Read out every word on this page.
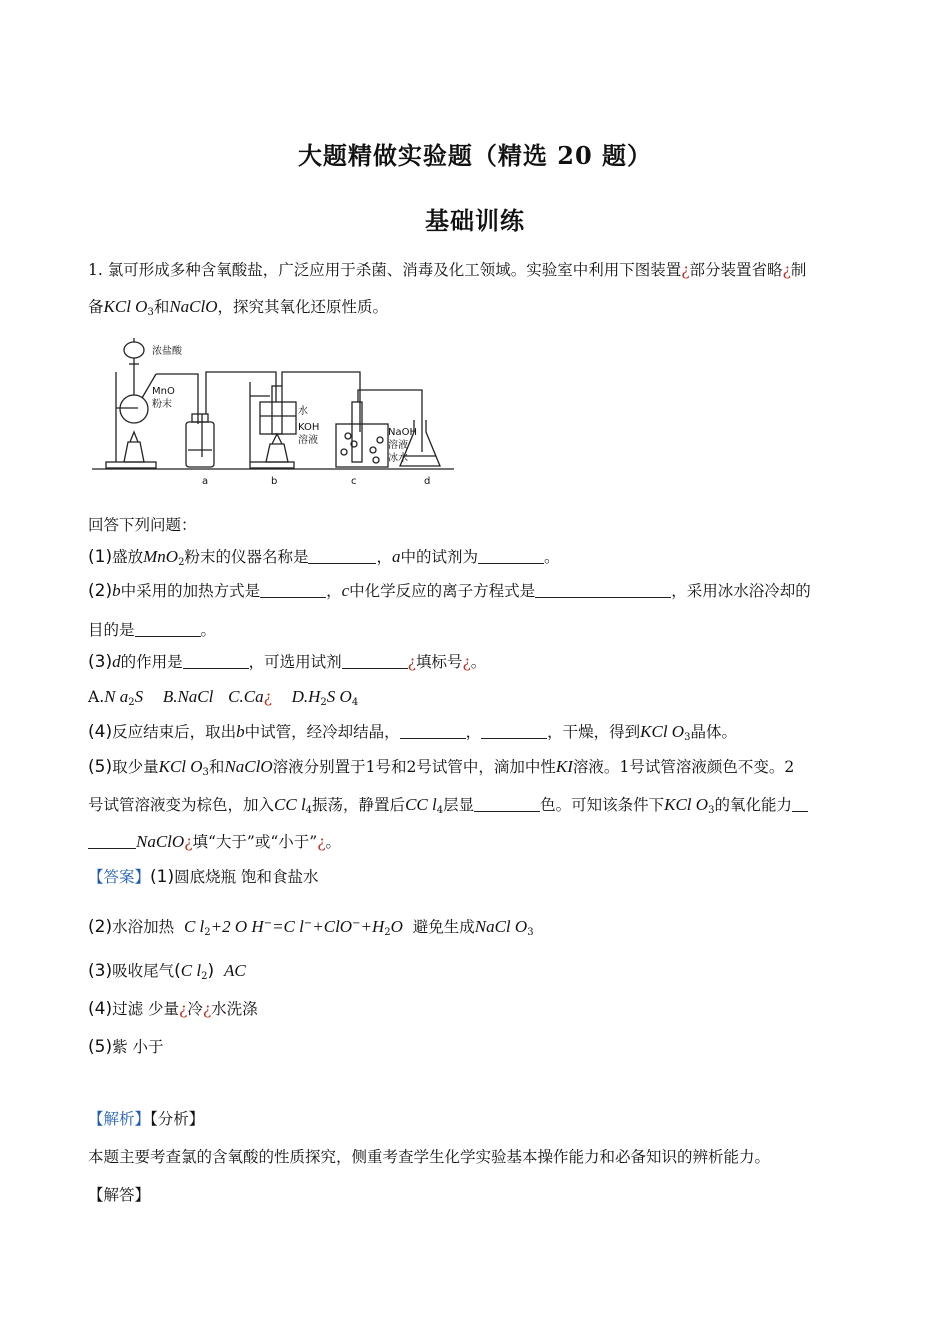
大题精做实验题（精选 20 题）
基础训练
1. 氯可形成多种含氧酸盐，广泛应用于杀菌、消毒及化工领域。实验室中利用下图装置¿部分装置省略¿制
备KCl $O_3$和NaClO，探究其氧化还原性质。
浓盐酸
MnO
粉末
水
KOH
溶液
NaOH
溶液
冰水
a	b	c	d
回答下列问题：
(1)盛放MnO$_2$粉末的仪器名称是	，a中的试剂为	。
(2)b中采用的加热方式是	，c中化学反应的离子方程式是	，采用冰水浴冷却的
目的是	。
(3)d的作用是	，可选用试剂	¿填标号¿。
A.N $a_2S$ B.NaCl C.Ca¿ $D.H_2S$ $O_4$
(4)反应结束后，取出b中试管，经冷却结晶，	，	，干燥，得到KCl $O_3$晶体。
(5)取少量KCl $O_3$和NaClO溶液分别置于1号和2号试管中，滴加中性KI溶液。1号试管溶液颜色不变。2
号试管溶液变为棕色，加入CC $l_4$振荡，静置后CC $l_4$层显	色。可知该条件下KCl $O_3$的氧化能力
NaClO¿填“大于”或“小于”¿。
【答案】(1)圆底烧瓶 饱和食盐水
(2)水浴加热 C $l_2+2$ O H−=C $l^-+ClO^-+H_2O$ 避免生成NaCl $O_3$
(3)吸收尾气(C $l_2$) AC
(4)过滤 少量¿冷¿水洗涤
(5)紫 小于
【解析】【分析】
本题主要考查氯的含氧酸的性质探究，侧重考查学生化学实验基本操作能力和必备知识的辨析能力。
【解答】
